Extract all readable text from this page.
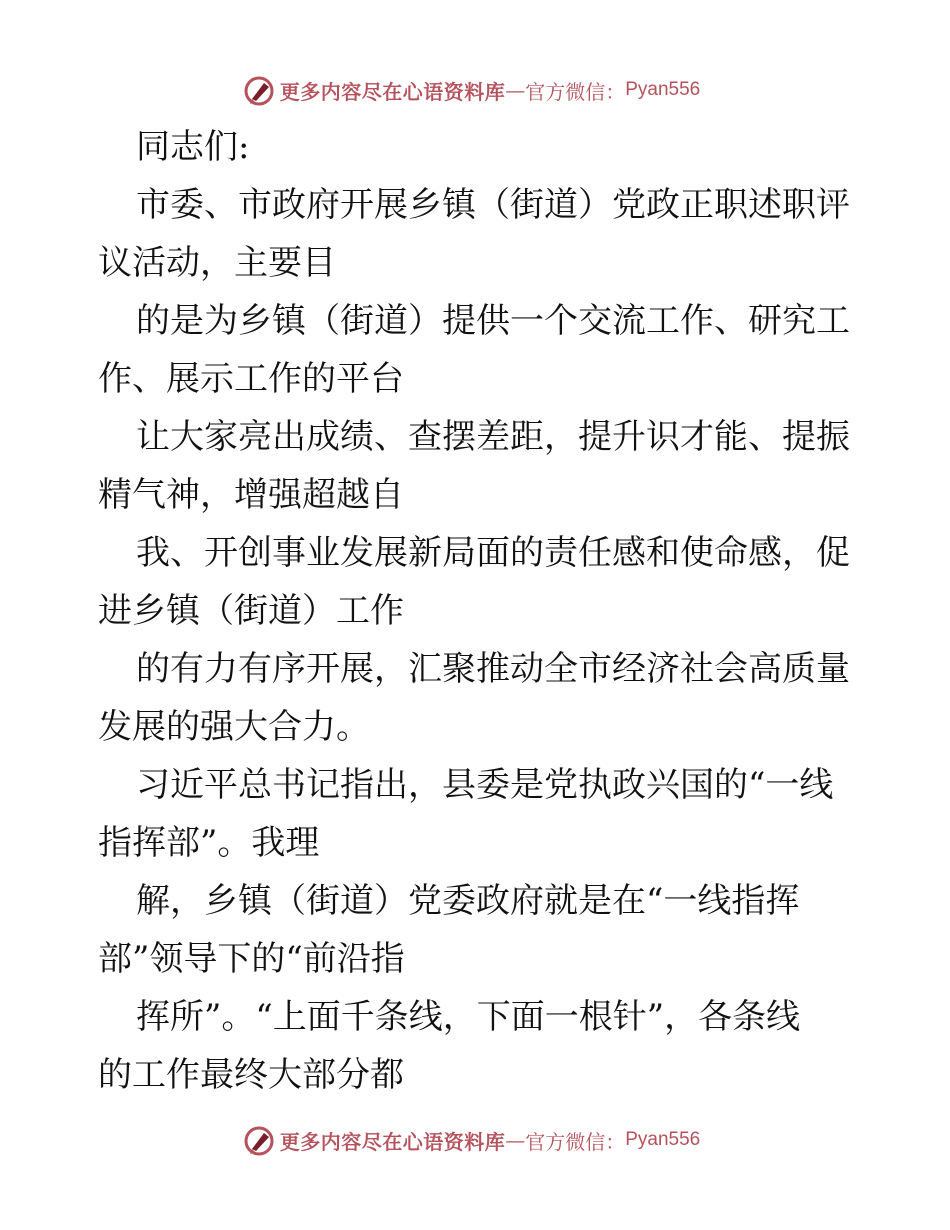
更多内容尽在心语资料库 — 官方微信： Pyan556
同志们:
市委、市政府开展乡镇（街道）党政正职述职评
议活动，主要目
的是为乡镇（街道）提供一个交流工作、研究工
作、展示工作的平台
让大家亮出成绩、查摆差距，提升识才能、提振
精气神，增强超越自
我、开创事业发展新局面的责任感和使命感，促
进乡镇（街道）工作
的有力有序开展，汇聚推动全市经济社会高质量
发展的强大合力。
习近平总书记指出，县委是党执政兴国的“一线
指挥部”。我理
解，乡镇（街道）党委政府就是在“一线指挥
部”领导下的“前沿指
挥所”。“上面千条线，下面一根针”，各条线
的工作最终大部分都
更多内容尽在心语资料库 — 官方微信： Pyan556
